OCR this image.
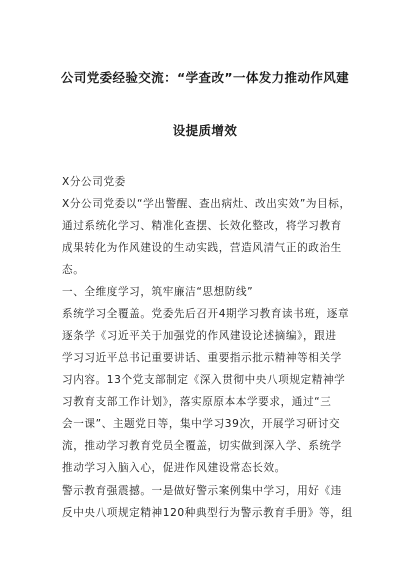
公司党委经验交流：“学查改”一体发力推动作风建
设提质增效
X分公司党委
X分公司党委以“学出警醒、查出病灶、改出实效”为目标，
通过系统化学习、精准化查摆、长效化整改，将学习教育
成果转化为作风建设的生动实践，营造风清气正的政治生
态。
一、全维度学习，筑牢廉洁“思想防线”
系统学习全覆盖。党委先后召开4期学习教育读书班，逐章
逐条学《习近平关于加强党的作风建设论述摘编》，跟进
学习习近平总书记重要讲话、重要指示批示精神等相关学
习内容。13个党支部制定《深入贯彻中央八项规定精神学
习教育支部工作计划》，落实原原本本学要求，通过“三
会一课”、主题党日等，集中学习39次，开展学习研讨交
流，推动学习教育党员全覆盖，切实做到深入学、系统学
推动学习入脑入心，促进作风建设常态长效。
警示教育强震撼。一是做好警示案例集中学习，用好《违
反中央八项规定精神120种典型行为警示教育手册》等，组
